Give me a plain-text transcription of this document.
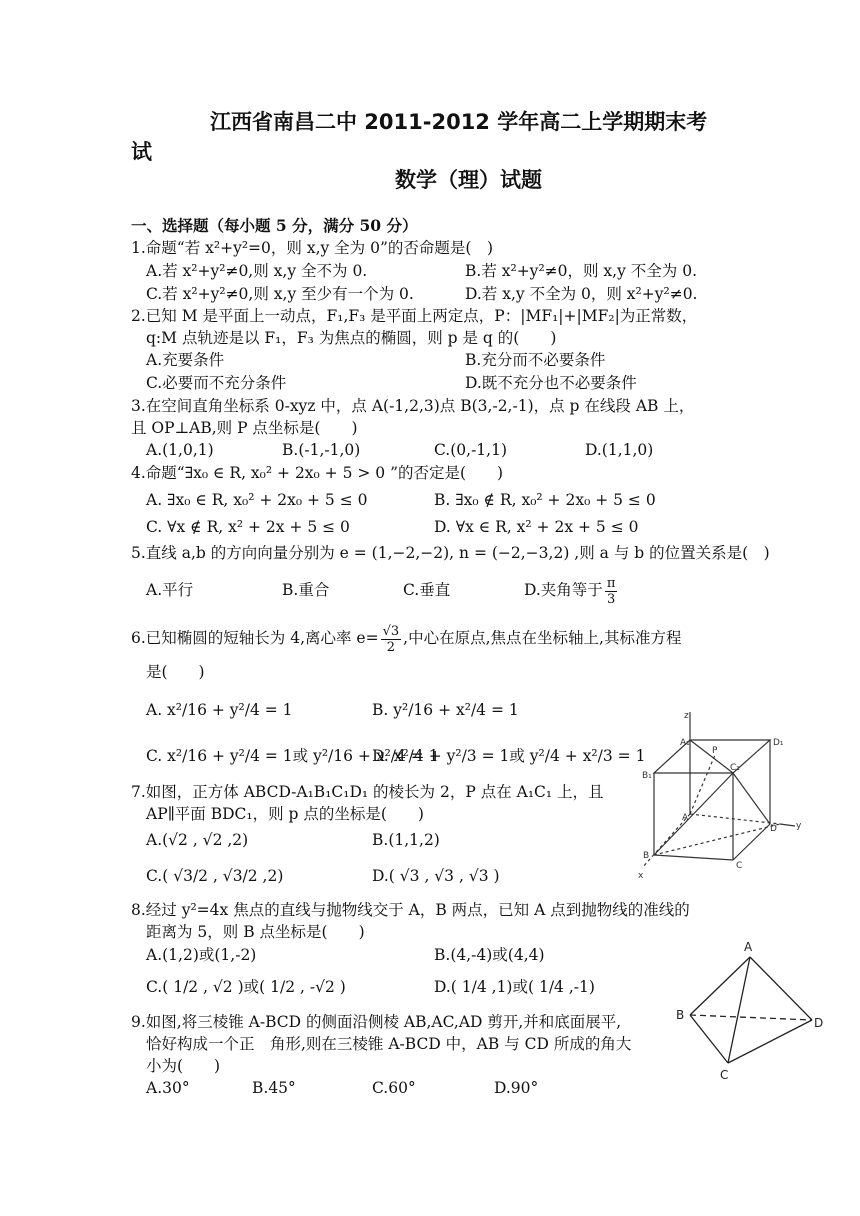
江西省南昌二中 2011-2012 学年高二上学期期末考
试
数学（理）试题
一、选择题（每小题 5 分，满分 50 分）
1.命题“若 x²+y²=0，则 x,y 全为 0”的否命题是(　)
A.若 x²+y²≠0,则 x,y 全不为 0.	B.若 x²+y²≠0，则 x,y 不全为 0.
C.若 x²+y²≠0,则 x,y 至少有一个为 0.	D.若 x,y 不全为 0，则 x²+y²≠0.
2.已知 M 是平面上一动点，F₁,F₃ 是平面上两定点，P：|MF₁|+|MF₂|为正常数，
q:M 点轨迹是以 F₁，F₃ 为焦点的椭圆，则 p 是 q 的(　　)
A.充要条件	B.充分而不必要条件
C.必要而不充分条件	D.既不充分也不必要条件
3.在空间直角坐标系 0-xyz 中，点 A(-1,2,3)点 B(3,-2,-1)，点 p 在线段 AB 上，
且 OP⊥AB,则 P 点坐标是(　　)
A.(1,0,1)	B.(-1,-1,0)	C.(0,-1,1)	D.(1,1,0)
4.命题“∃x₀ ∈ R, x₀² + 2x₀ + 5 > 0 ”的否定是(　　)
A. ∃x₀ ∈ R, x₀² + 2x₀ + 5 ≤ 0	B. ∃x₀ ∉ R, x₀² + 2x₀ + 5 ≤ 0
C. ∀x ∉ R, x² + 2x + 5 ≤ 0	D. ∀x ∈ R, x² + 2x + 5 ≤ 0
5.直线 a,b 的方向向量分别为 e = (1,−2,−2), n = (−2,−3,2) ,则 a 与 b 的位置关系是(　)
A.平行	B.重合	C.垂直	D.夹角等于 $\frac{\pi}{3}$
6.已知椭圆的短轴长为 4,离心率 $e= \frac{√3}{2}$ ,中心在原点,焦点在坐标轴上,其标准方程
是(　　)
A. x²/16 + y²/4 = 1	B. y²/16 + x²/4 = 1
C. x²/16 + y²/4 = 1或 y²/16 + x²/4 = 1
D. x²/4 + y²/3 = 1或 y²/4 + x²/3 = 1
7.如图，正方体 ABCD-A₁B₁C₁D₁ 的棱长为 2，P 点在 A₁C₁ 上，且
AP∥平面 BDC₁，则 p 点的坐标是(　　)
A.(√2 , √2 ,2)	B.(1,1,2)
C.( √3/2 , √3/2 ,2)	D.( √3 , √3 , √3 )
8.经过 y²=4x 焦点的直线与抛物线交于 A，B 两点，已知 A 点到抛物线的准线的
距离为 5，则 B 点坐标是(　　)
A.(1,2)或(1,-2)	B.(4,-4)或(4,4)
C.( 1/2 , √2 )或( 1/2 , -√2 )	D.( 1/4 ,1)或( 1/4 ,-1)
9.如图,将三棱锥 A-BCD 的侧面沿侧棱 AB,AC,AD 剪开,并和底面展平,
恰好构成一个正　角形,则在三棱锥 A-BCD 中，AB 与 CD 所成的角大
小为(　　)
A.30°	B.45°	C.60°	D.90°
z
A₁
P
D₁
B₁
C₁
A
D y
B
C
x
A
B
D
C
